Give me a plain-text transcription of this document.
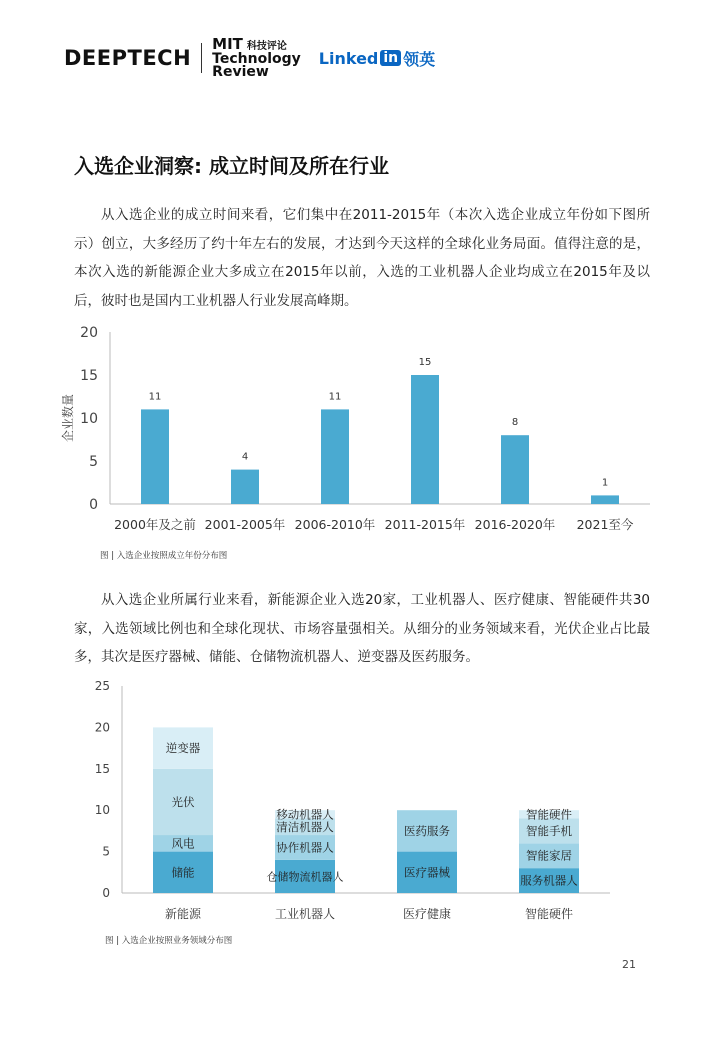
DEEPTECH
MIT 科技评论
Technology
Review
Linked in 领英
入选企业洞察: 成立时间及所在行业

从入选企业的成立时间来看，它们集中在2011-2015年（本次入选企业成立年份如下图所示）创立，大多经历了约十年左右的发展，才达到今天这样的全球化业务局面。值得注意的是，本次入选的新能源企业大多成立在2015年以前，入选的工业机器人企业均成立在2015年及以后，彼时也是国内工业机器人行业发展高峰期。

0
5
10
15
20
企业数量	11
2000年及之前
4
2001-2005年
11
2006-2010年
15
2011-2015年
8
2016-2020年
1
2021至今
图 | 入选企业按照成立年份分布图

从入选企业所属行业来看，新能源企业入选20家，工业机器人、医疗健康、智能硬件共30家，入选领域比例也和全球化现状、市场容量强相关。从细分的业务领域来看，光伏企业占比最多，其次是医疗器械、储能、仓储物流机器人、逆变器及医药服务。

0
5
10
15
20
25
储能
风电
光伏
逆变器
新能源
仓储物流机器人
协作机器人
清洁机器人
移动机器人
工业机器人
医疗器械
医药服务
医疗健康
服务机器人
智能家居
智能手机
智能硬件
智能硬件
图 | 入选企业按照业务领域分布图
21
